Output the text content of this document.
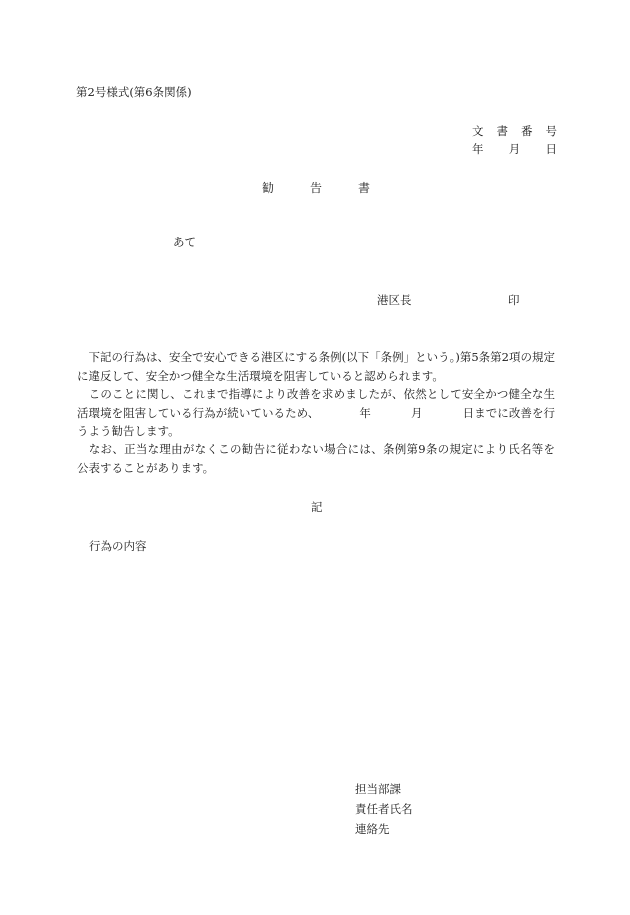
第2号様式(第6条関係)
文 書 番 号
年 月 日
勧	告	書
あて
港区長	印
　下記の行為は、安全で安心できる港区にする条例(以下「条例」という。)第5条第2項の規定に違反して、安全かつ健全な生活環境を阻害していると認められます。
　このことに関し、これまで指導により改善を求めましたが、依然として安全かつ健全な生活環境を阻害している行為が続いているため、	年	月	日までに改善を行うよう勧告します。
　なお、正当な理由がなくこの勧告に従わない場合には、条例第9条の規定により氏名等を公表することがあります。
記
行為の内容
担当部課
責任者氏名
連絡先
